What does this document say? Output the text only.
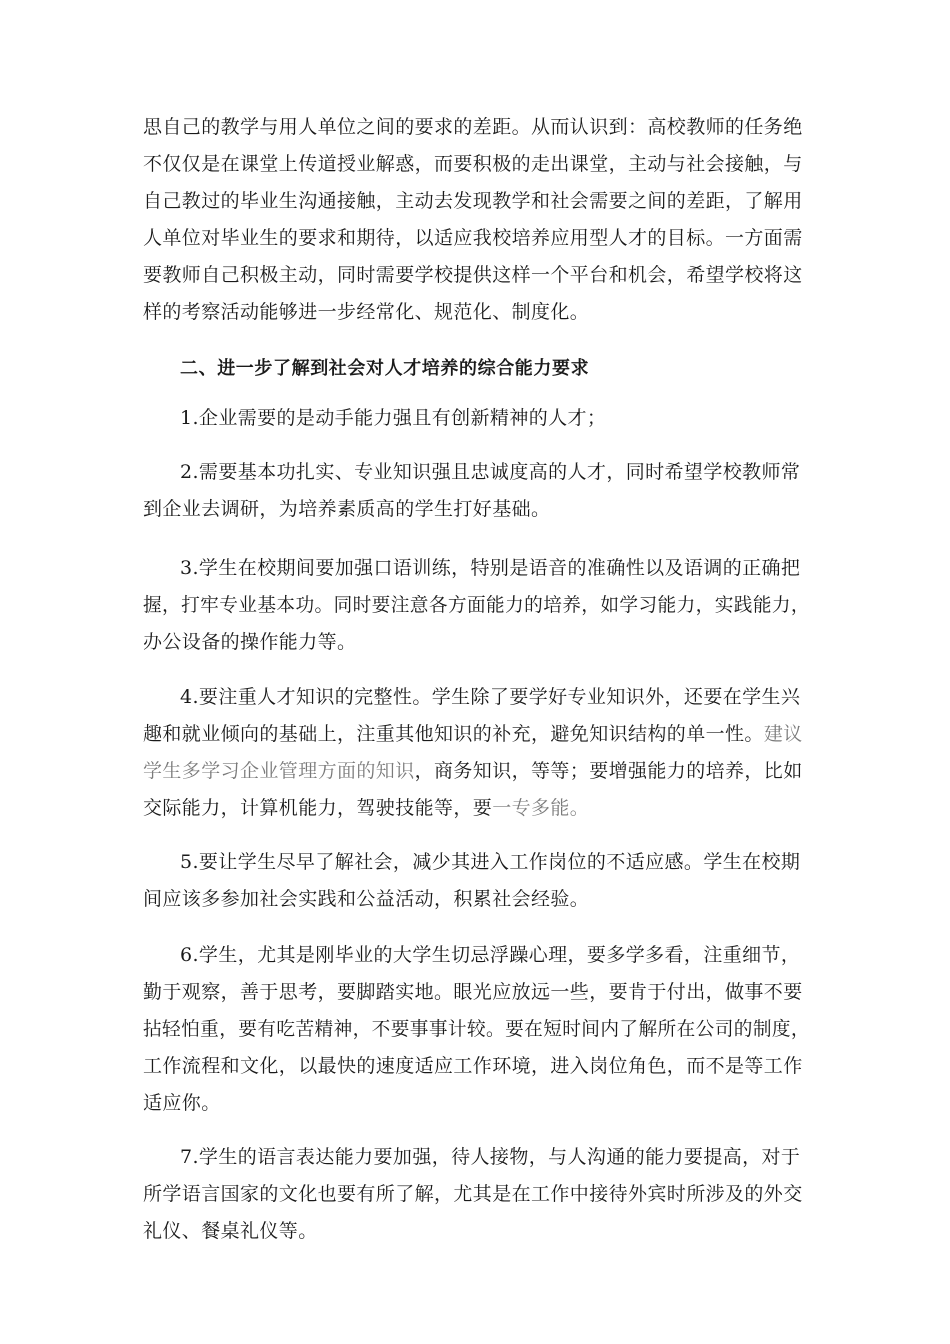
思自己的教学与用人单位之间的要求的差距。从而认识到：高校教师的任务绝
不仅仅是在课堂上传道授业解惑，而要积极的走出课堂，主动与社会接触，与
自己教过的毕业生沟通接触，主动去发现教学和社会需要之间的差距，了解用
人单位对毕业生的要求和期待，以适应我校培养应用型人才的目标。一方面需
要教师自己积极主动，同时需要学校提供这样一个平台和机会，希望学校将这
样的考察活动能够进一步经常化、规范化、制度化。
二、进一步了解到社会对人才培养的综合能力要求
1.企业需要的是动手能力强且有创新精神的人才；
2.需要基本功扎实、专业知识强且忠诚度高的人才，同时希望学校教师常
到企业去调研，为培养素质高的学生打好基础。
3.学生在校期间要加强口语训练，特别是语音的准确性以及语调的正确把
握，打牢专业基本功。同时要注意各方面能力的培养，如学习能力，实践能力，
办公设备的操作能力等。
4.要注重人才知识的完整性。学生除了要学好专业知识外，还要在学生兴
趣和就业倾向的基础上，注重其他知识的补充，避免知识结构的单一性。建议
学生多学习企业管理方面的知识，商务知识，等等；要增强能力的培养，比如
交际能力，计算机能力，驾驶技能等，要一专多能。
5.要让学生尽早了解社会，减少其进入工作岗位的不适应感。学生在校期
间应该多参加社会实践和公益活动，积累社会经验。
6.学生，尤其是刚毕业的大学生切忌浮躁心理，要多学多看，注重细节，
勤于观察，善于思考，要脚踏实地。眼光应放远一些，要肯于付出，做事不要
拈轻怕重，要有吃苦精神，不要事事计较。要在短时间内了解所在公司的制度，
工作流程和文化，以最快的速度适应工作环境，进入岗位角色，而不是等工作
适应你。
7.学生的语言表达能力要加强，待人接物，与人沟通的能力要提高，对于
所学语言国家的文化也要有所了解，尤其是在工作中接待外宾时所涉及的外交
礼仪、餐桌礼仪等。
